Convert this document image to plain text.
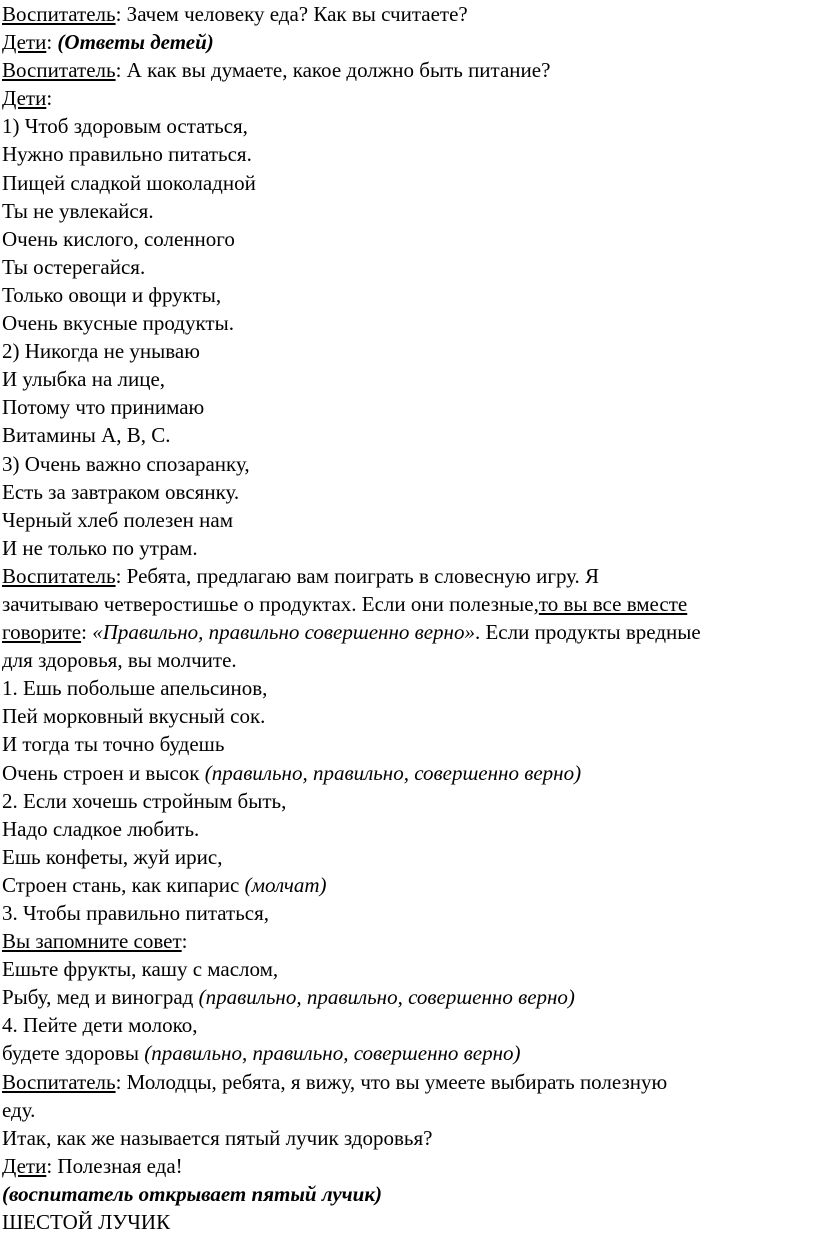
Воспитатель: Зачем человеку еда? Как вы считаете?
Дети: (Ответы детей)
Воспитатель: А как вы думаете, какое должно быть питание?
Дети:
1) Чтоб здоровым остаться,
Нужно правильно питаться.
Пищей сладкой шоколадной
Ты не увлекайся.
Очень кислого, соленного
Ты остерегайся.
Только овощи и фрукты,
Очень вкусные продукты.
2) Никогда не унываю
И улыбка на лице,
Потому что принимаю
Витамины А, В, С.
3) Очень важно спозаранку,
Есть за завтраком овсянку.
Черный хлеб полезен нам
И не только по утрам.
Воспитатель: Ребята, предлагаю вам поиграть в словесную игру. Я
зачитываю четверостишье о продуктах. Если они полезные,то вы все вместе
говорите: «Правильно, правильно совершенно верно». Если продукты вредные
для здоровья, вы молчите.
1. Ешь побольше апельсинов,
Пей морковный вкусный сок.
И тогда ты точно будешь
Очень строен и высок (правильно, правильно, совершенно верно)
2. Если хочешь стройным быть,
Надо сладкое любить.
Ешь конфеты, жуй ирис,
Строен стань, как кипарис (молчат)
3. Чтобы правильно питаться,
Вы запомните совет:
Ешьте фрукты, кашу с маслом,
Рыбу, мед и виноград (правильно, правильно, совершенно верно)
4. Пейте дети молоко,
будете здоровы (правильно, правильно, совершенно верно)
Воспитатель: Молодцы, ребята, я вижу, что вы умеете выбирать полезную
еду.
Итак, как же называется пятый лучик здоровья?
Дети: Полезная еда!
(воспитатель открывает пятый лучик)
ШЕСТОЙ ЛУЧИК
